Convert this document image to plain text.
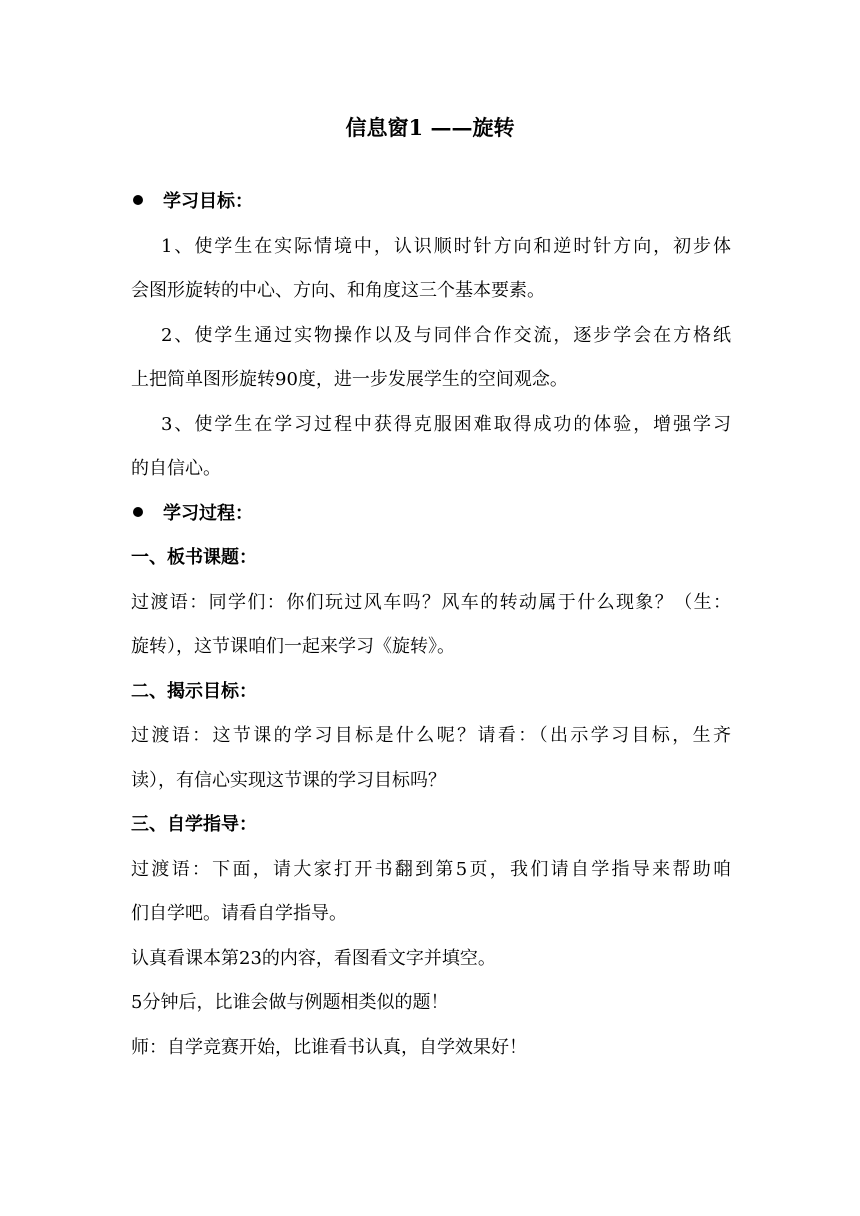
信息窗1 ——旋转
学习目标：
1、使学生在实际情境中，认识顺时针方向和逆时针方向，初步体
会图形旋转的中心、方向、和角度这三个基本要素。
2、使学生通过实物操作以及与同伴合作交流，逐步学会在方格纸
上把简单图形旋转90度，进一步发展学生的空间观念。
3、使学生在学习过程中获得克服困难取得成功的体验，增强学习
的自信心。
学习过程：
一、板书课题：
过渡语：同学们：你们玩过风车吗？风车的转动属于什么现象？（生：
旋转），这节课咱们一起来学习《旋转》。
二、揭示目标：
过渡语：这节课的学习目标是什么呢？请看：（出示学习目标，生齐
读），有信心实现这节课的学习目标吗？
三、自学指导：
过渡语：下面，请大家打开书翻到第5页，我们请自学指导来帮助咱
们自学吧。请看自学指导。
认真看课本第23的内容，看图看文字并填空。
5分钟后，比谁会做与例题相类似的题！
师：自学竞赛开始，比谁看书认真，自学效果好！
